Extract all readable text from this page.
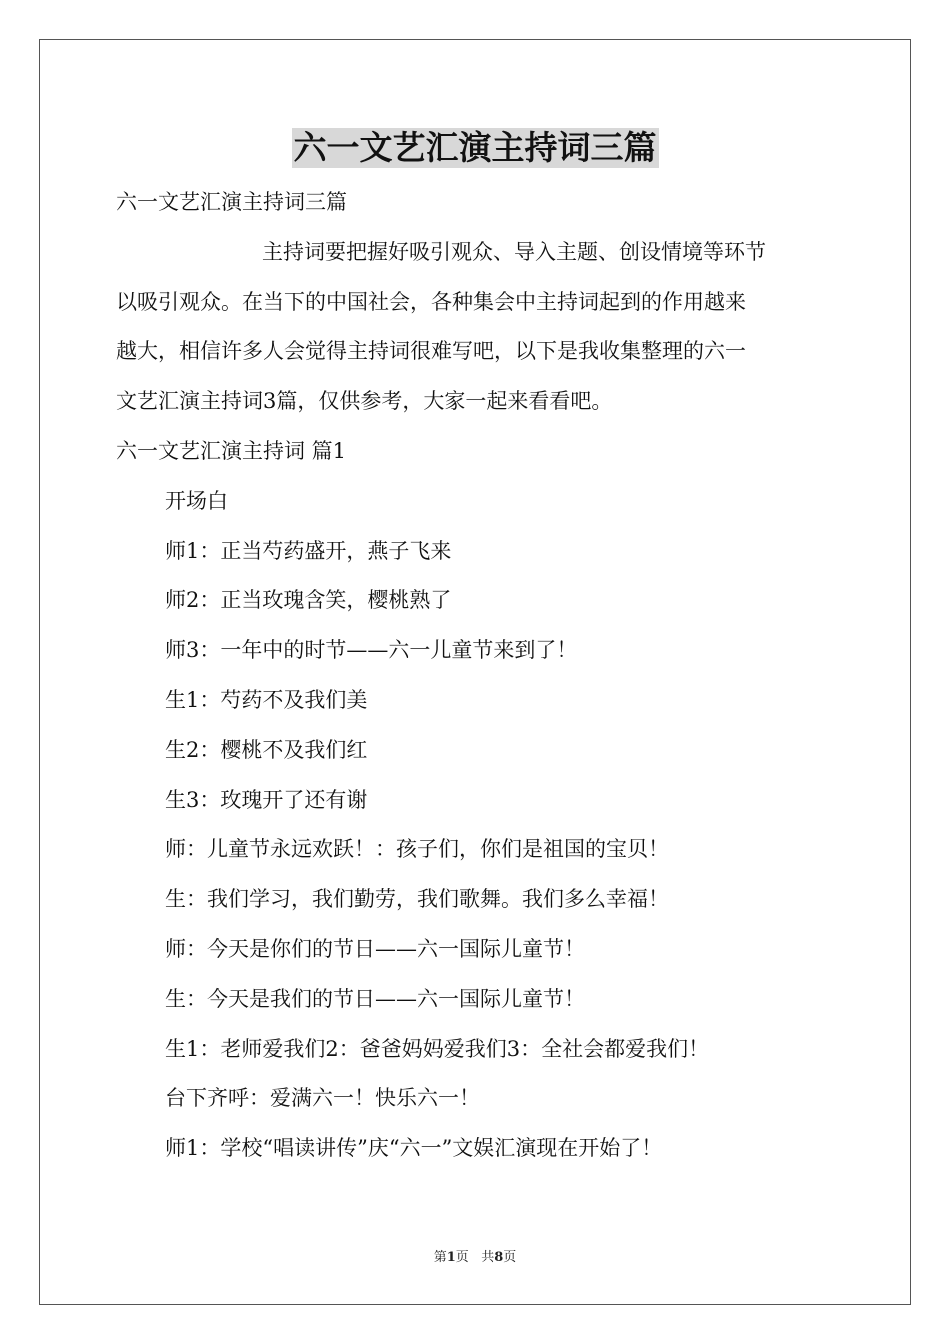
六一文艺汇演主持词三篇
六一文艺汇演主持词三篇
主持词要把握好吸引观众、导入主题、创设情境等环节
以吸引观众。在当下的中国社会，各种集会中主持词起到的作用越来
越大，相信许多人会觉得主持词很难写吧，以下是我收集整理的六一
文艺汇演主持词3篇，仅供参考，大家一起来看看吧。
六一文艺汇演主持词 篇1
开场白
师1：正当芍药盛开，燕子飞来
师2：正当玫瑰含笑，樱桃熟了
师3：一年中的时节——六一儿童节来到了！
生1：芍药不及我们美
生2：樱桃不及我们红
生3：玫瑰开了还有谢
师：儿童节永远欢跃！：孩子们，你们是祖国的宝贝！
生：我们学习，我们勤劳，我们歌舞。我们多么幸福！
师：今天是你们的节日——六一国际儿童节！
生：今天是我们的节日——六一国际儿童节！
生1：老师爱我们2：爸爸妈妈爱我们3：全社会都爱我们！
台下齐呼：爱满六一！快乐六一！
师1：学校“唱读讲传”庆“六一”文娱汇演现在开始了！
第1页 共8页
